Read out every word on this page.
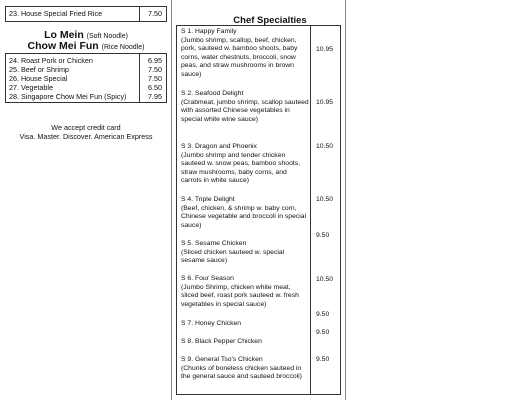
23. House Special Fried Rice	7.50
Lo Mein (Soft Noodle)
Chow Mei Fun (Rice Noodle)
24. Roast Pork or Chicken	6.95
25. Beef or Shrimp	7.50
26. House Special	7.50
27. Vegetable	6.50
28. Singapore Chow Mei Fun (Spicy)	7.95
We accept credit card
Visa. Master. Discover. American Express
Chef Specialties
S 1. Happy Family
(Jumbo shrimp, scallop, beef, chicken, pork, sauteed w. bamboo shoots, baby corns, water chestnuts, broccoli, snow peas, and straw mushrooms in brown sauce)
10.95
S 2. Seafood Delight
(Crabmeat, jumbo shrimp, scallop sauteed with assorted Chinese vegetables in special white wine sauce)
10.95
S 3. Dragon and Phoenix
(Jumbo shrimp and tender chicken sauteed w. snow peas, bamboo shoots, straw mushrooms, baby corns, and carrots in white sauce)
10.50
S 4. Triple Delight
(Beef, chicken, & shrimp w. baby corn, Chinese vegetable and broccoli in special sauce)
10.50
S 5. Sesame Chicken
(Sliced chicken sauteed w. special sesame sauce)
9.50
S 6. Four Season
(Jumbo Shrimp, chicken white meat, sliced beef, roast pork sauteed w. fresh vegetables in special sauce)
10.50
S 7. Honey Chicken
9.50
S 8. Black Pepper Chicken
9.50
S 9. General Tso's Chicken
(Chunks of boneless chicken sauteed in the general sauce and sauteed broccoli)
9.50
